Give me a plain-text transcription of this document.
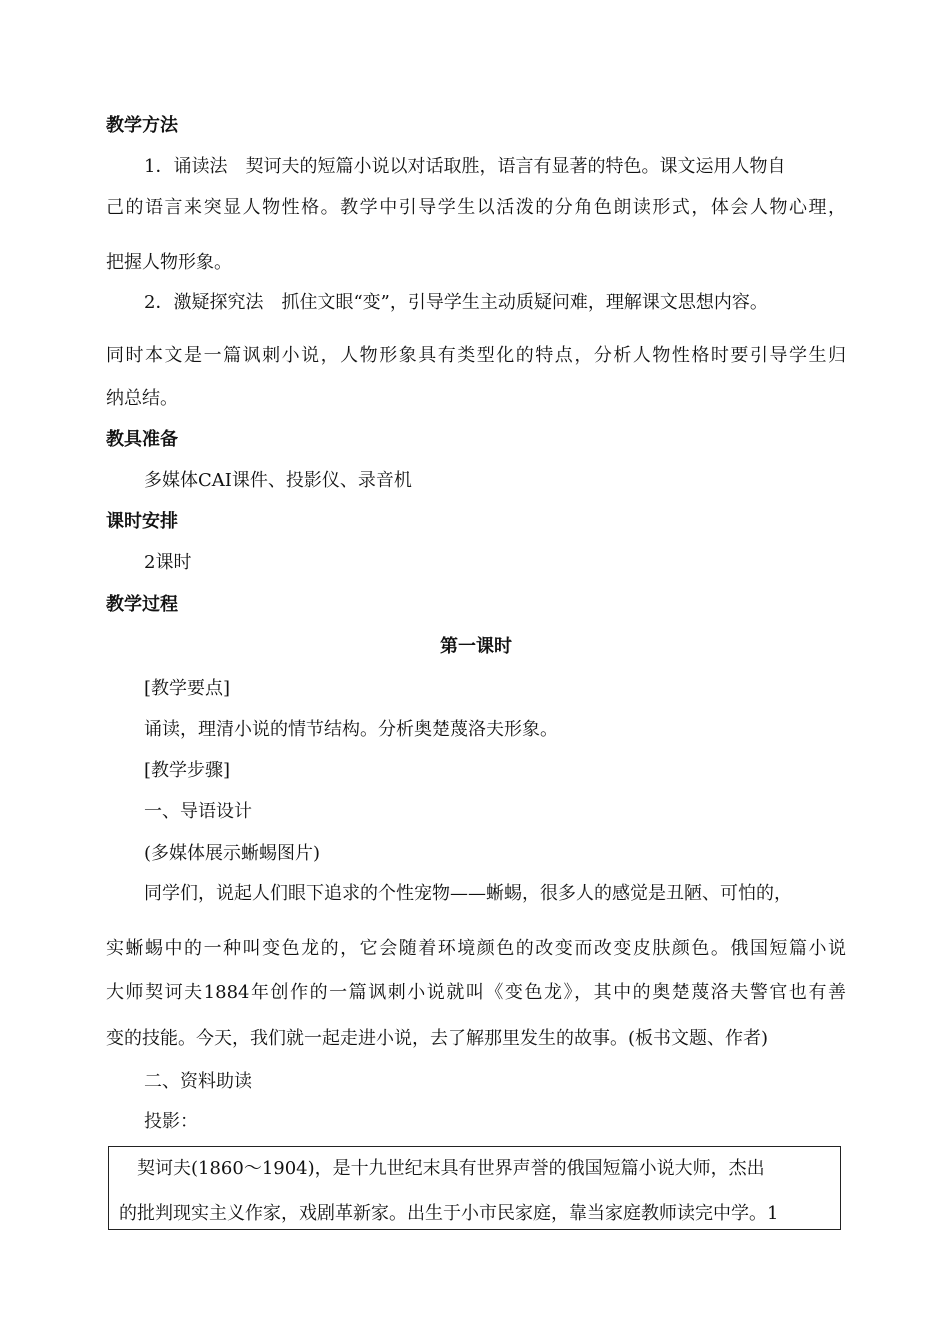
教学方法
1．诵读法　契诃夫的短篇小说以对话取胜，语言有显著的特色。课文运用人物自
己的语言来突显人物性格。教学中引导学生以活泼的分角色朗读形式，体会人物心理，
把握人物形象。
2．激疑探究法　抓住文眼“变”，引导学生主动质疑问难，理解课文思想内容。
同时本文是一篇讽刺小说，人物形象具有类型化的特点，分析人物性格时要引导学生归
纳总结。
教具准备
多媒体CAI课件、投影仪、录音机
课时安排
2课时
教学过程
第一课时
[教学要点]
诵读，理清小说的情节结构。分析奥楚蔑洛夫形象。
[教学步骤]
一、导语设计
(多媒体展示蜥蜴图片)
同学们，说起人们眼下追求的个性宠物——蜥蜴，很多人的感觉是丑陋、可怕的，
实蜥蜴中的一种叫变色龙的，它会随着环境颜色的改变而改变皮肤颜色。俄国短篇小说
大师契诃夫1884年创作的一篇讽刺小说就叫《变色龙》，其中的奥楚蔑洛夫警官也有善
变的技能。今天，我们就一起走进小说，去了解那里发生的故事。(板书文题、作者)
二、资料助读
投影：
　契诃夫(1860～1904)，是十九世纪末具有世界声誉的俄国短篇小说大师，杰出
的批判现实主义作家，戏剧革新家。出生于小市民家庭，靠当家庭教师读完中学。1
